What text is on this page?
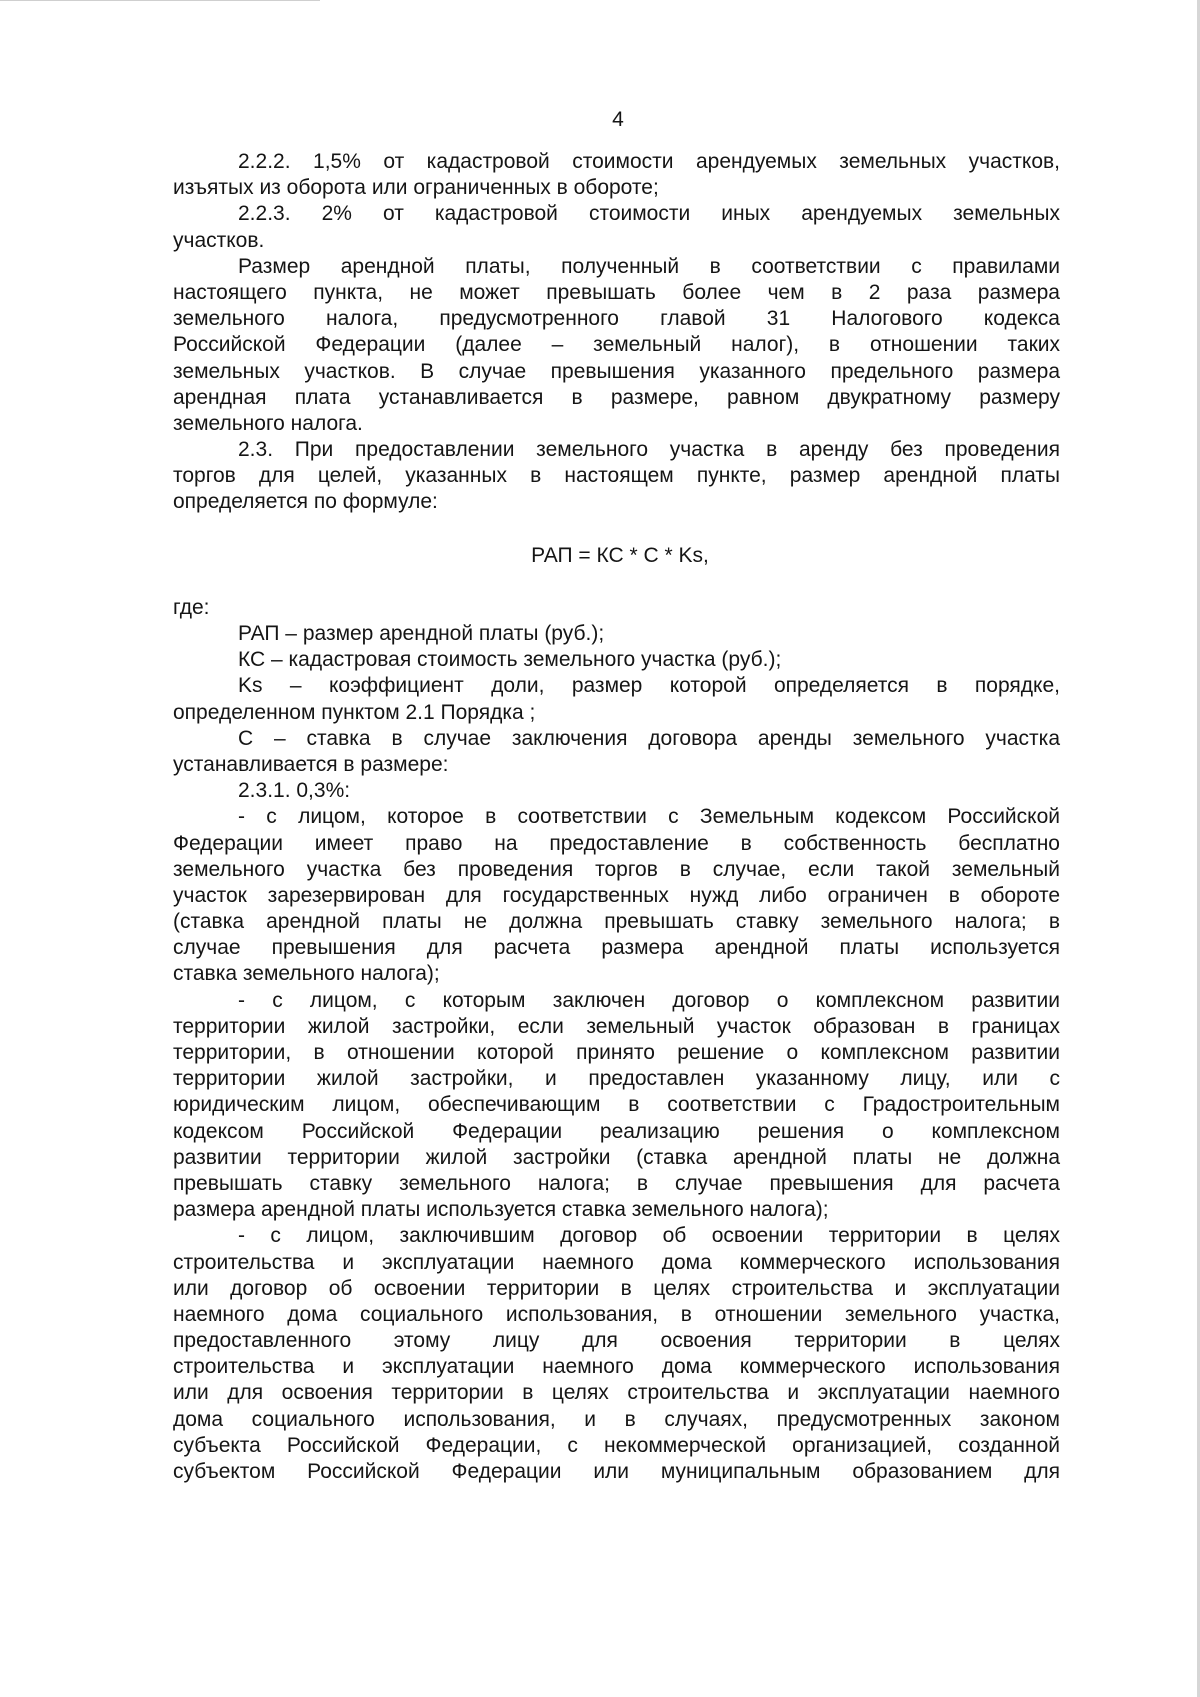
4
2.2.2. 1,5% от кадастровой стоимости арендуемых земельных участков,
изъятых из оборота или ограниченных в обороте;
2.2.3. 2% от кадастровой стоимости иных арендуемых земельных
участков.
Размер арендной платы, полученный в соответствии с правилами
настоящего пункта, не может превышать более чем в 2 раза размера
земельного налога, предусмотренного главой 31 Налогового кодекса
Российской Федерации (далее – земельный налог), в отношении таких
земельных участков. В случае превышения указанного предельного размера
арендная плата устанавливается в размере, равном двукратному размеру
земельного налога.
2.3. При предоставлении земельного участка в аренду без проведения
торгов для целей, указанных в настоящем пункте, размер арендной платы
определяется по формуле:
РАП = КС * С * Ks,
где:
РАП – размер арендной платы (руб.);
КС – кадастровая стоимость земельного участка (руб.);
Ks – коэффициент доли, размер которой определяется в порядке,
определенном пунктом 2.1 Порядка ;
С – ставка в случае заключения договора аренды земельного участка
устанавливается в размере:
2.3.1. 0,3%:
- с лицом, которое в соответствии с Земельным кодексом Российской
Федерации имеет право на предоставление в собственность бесплатно
земельного участка без проведения торгов в случае, если такой земельный
участок зарезервирован для государственных нужд либо ограничен в обороте
(ставка арендной платы не должна превышать ставку земельного налога; в
случае превышения для расчета размера арендной платы используется
ставка земельного налога);
- с лицом, с которым заключен договор о комплексном развитии
территории жилой застройки, если земельный участок образован в границах
территории, в отношении которой принято решение о комплексном развитии
территории жилой застройки, и предоставлен указанному лицу, или с
юридическим лицом, обеспечивающим в соответствии с Градостроительным
кодексом Российской Федерации реализацию решения о комплексном
развитии территории жилой застройки (ставка арендной платы не должна
превышать ставку земельного налога; в случае превышения для расчета
размера арендной платы используется ставка земельного налога);
- с лицом, заключившим договор об освоении территории в целях
строительства и эксплуатации наемного дома коммерческого использования
или договор об освоении территории в целях строительства и эксплуатации
наемного дома социального использования, в отношении земельного участка,
предоставленного этому лицу для освоения территории в целях
строительства и эксплуатации наемного дома коммерческого использования
или для освоения территории в целях строительства и эксплуатации наемного
дома социального использования, и в случаях, предусмотренных законом
субъекта Российской Федерации, с некоммерческой организацией, созданной
субъектом Российской Федерации или муниципальным образованием для
